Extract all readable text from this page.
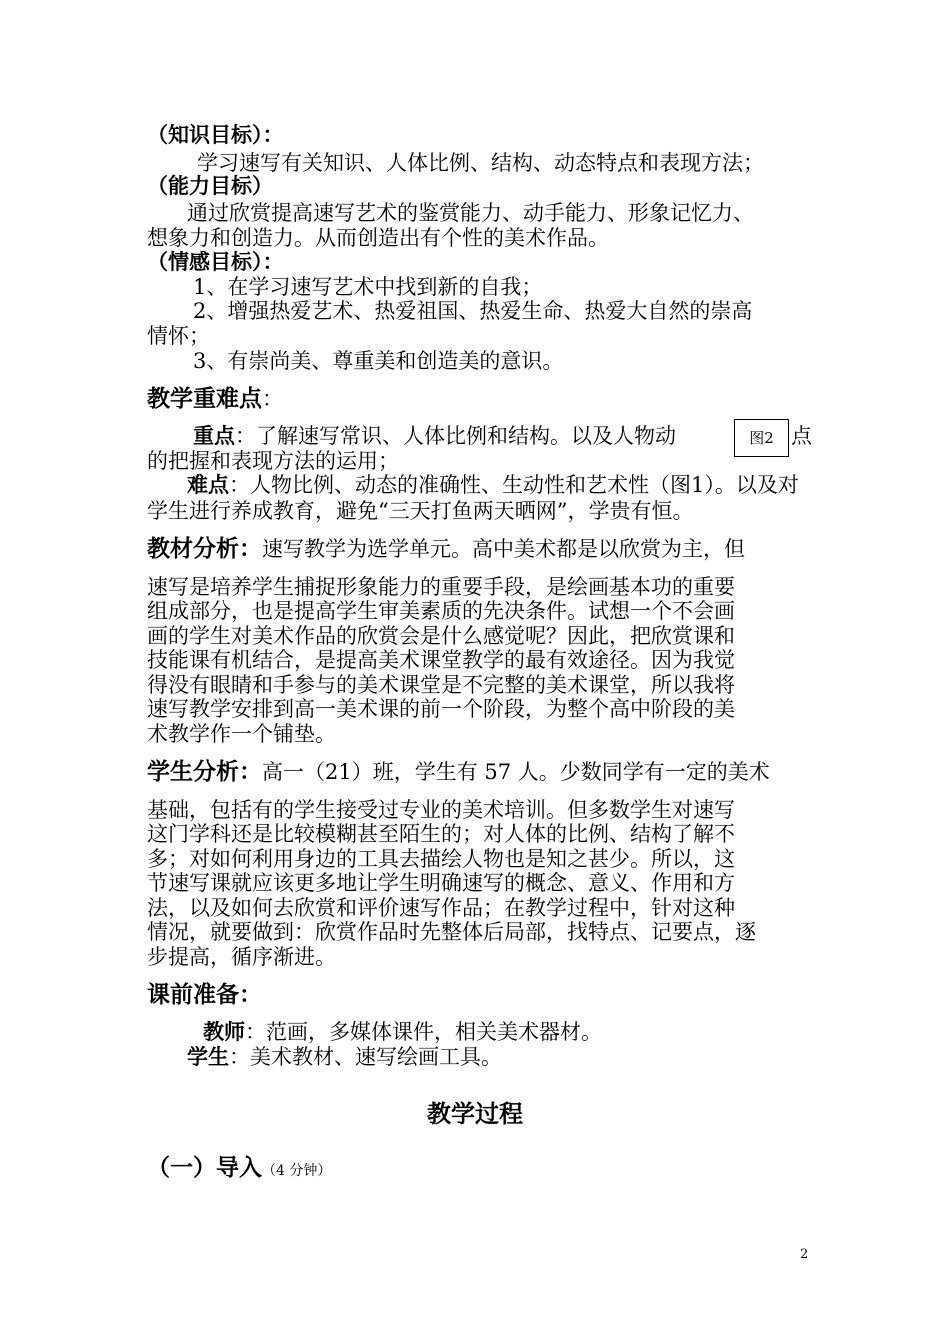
（知识目标）：
学习速写有关知识、人体比例、结构、动态特点和表现方法；
（能力目标）
通过欣赏提高速写艺术的鉴赏能力、动手能力、形象记忆力、
想象力和创造力。从而创造出有个性的美术作品。
（情感目标）：
1、在学习速写艺术中找到新的自我；
2、增强热爱艺术、热爱祖国、热爱生命、热爱大自然的崇高
情怀；
3、有崇尚美、尊重美和创造美的意识。
教学重难点：
重点：了解速写常识、人体比例和结构。以及人物动	点
图2
的把握和表现方法的运用；
难点：人物比例、动态的准确性、生动性和艺术性（图1）。以及对
学生进行养成教育，避免“三天打鱼两天晒网”，学贵有恒。
教材分析：速写教学为选学单元。高中美术都是以欣赏为主，但
速写是培养学生捕捉形象能力的重要手段，是绘画基本功的重要
组成部分，也是提高学生审美素质的先决条件。试想一个不会画
画的学生对美术作品的欣赏会是什么感觉呢？因此，把欣赏课和
技能课有机结合，是提高美术课堂教学的最有效途径。因为我觉
得没有眼睛和手参与的美术课堂是不完整的美术课堂，所以我将
速写教学安排到高一美术课的前一个阶段，为整个高中阶段的美
术教学作一个铺垫。
学生分析：高一（21）班，学生有 57 人。少数同学有一定的美术
基础，包括有的学生接受过专业的美术培训。但多数学生对速写
这门学科还是比较模糊甚至陌生的；对人体的比例、结构了解不
多；对如何利用身边的工具去描绘人物也是知之甚少。所以，这
节速写课就应该更多地让学生明确速写的概念、意义、作用和方
法，以及如何去欣赏和评价速写作品；在教学过程中，针对这种
情况，就要做到：欣赏作品时先整体后局部，找特点、记要点，逐
步提高，循序渐进。
课前准备：
教师：范画，多媒体课件，相关美术器材。
学生：美术教材、速写绘画工具。
教学过程
（一）导入（4 分钟）
2
